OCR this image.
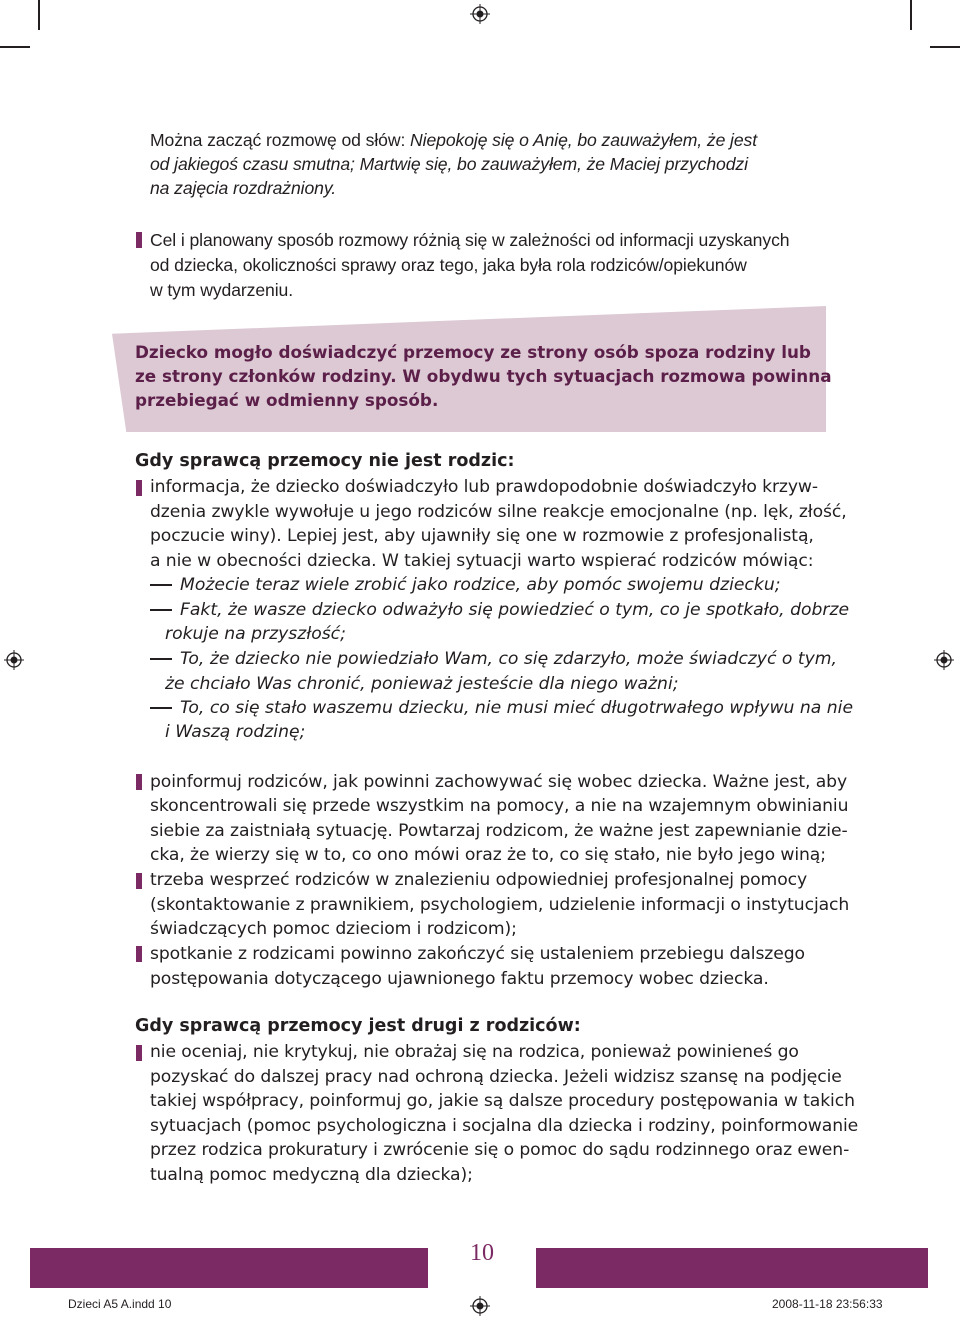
Można zacząć rozmowę od słów: Niepokoję się o Anię, bo zauważyłem, że jest
od jakiegoś czasu smutna; Martwię się, bo zauważyłem, że Maciej przychodzi
na zajęcia rozdrażniony.
Cel i planowany sposób rozmowy różnią się w zależności od informacji uzyskanych
od dziecka, okoliczności sprawy oraz tego, jaka była rola rodziców/opiekunów
w tym wydarzeniu.
Dziecko mogło doświadczyć przemocy ze strony osób spoza rodziny lub
ze strony członków rodziny. W obydwu tych sytuacjach rozmowa powinna
przebiegać w odmienny sposób.
Gdy sprawcą przemocy nie jest rodzic:
informacja, że dziecko doświadczyło lub prawdopodobnie doświadczyło krzyw-
dzenia zwykle wywołuje u jego rodziców silne reakcje emocjonalne (np. lęk, złość,
poczucie winy). Lepiej jest, aby ujawniły się one w rozmowie z profesjonalistą,
a nie w obecności dziecka. W takiej sytuacji warto wspierać rodziców mówiąc:
Możecie teraz wiele zrobić jako rodzice, aby pomóc swojemu dziecku;
Fakt, że wasze dziecko odważyło się powiedzieć o tym, co je spotkało, dobrze
rokuje na przyszłość;
To, że dziecko nie powiedziało Wam, co się zdarzyło, może świadczyć o tym,
że chciało Was chronić, ponieważ jesteście dla niego ważni;
To, co się stało waszemu dziecku, nie musi mieć długotrwałego wpływu na nie
i Waszą rodzinę;
poinformuj rodziców, jak powinni zachowywać się wobec dziecka. Ważne jest, aby
skoncentrowali się przede wszystkim na pomocy, a nie na wzajemnym obwinianiu
siebie za zaistniałą sytuację. Powtarzaj rodzicom, że ważne jest zapewnianie dzie-
cka, że wierzy się w to, co ono mówi oraz że to, co się stało, nie było jego winą;
trzeba wesprzeć rodziców w znalezieniu odpowiedniej profesjonalnej pomocy
(skontaktowanie z prawnikiem, psychologiem, udzielenie informacji o instytucjach
świadczących pomoc dzieciom i rodzicom);
spotkanie z rodzicami powinno zakończyć się ustaleniem przebiegu dalszego
postępowania dotyczącego ujawnionego faktu przemocy wobec dziecka.
Gdy sprawcą przemocy jest drugi z rodziców:
nie oceniaj, nie krytykuj, nie obrażaj się na rodzica, ponieważ powinieneś go
pozyskać do dalszej pracy nad ochroną dziecka. Jeżeli widzisz szansę na podjęcie
takiej współpracy, poinformuj go, jakie są dalsze procedury postępowania w takich
sytuacjach (pomoc psychologiczna i socjalna dla dziecka i rodziny, poinformowanie
przez rodzica prokuratury i zwrócenie się o pomoc do sądu rodzinnego oraz ewen-
tualną pomoc medyczną dla dziecka);
10
Dzieci A5 A.indd 10	2008-11-18 23:56:33
